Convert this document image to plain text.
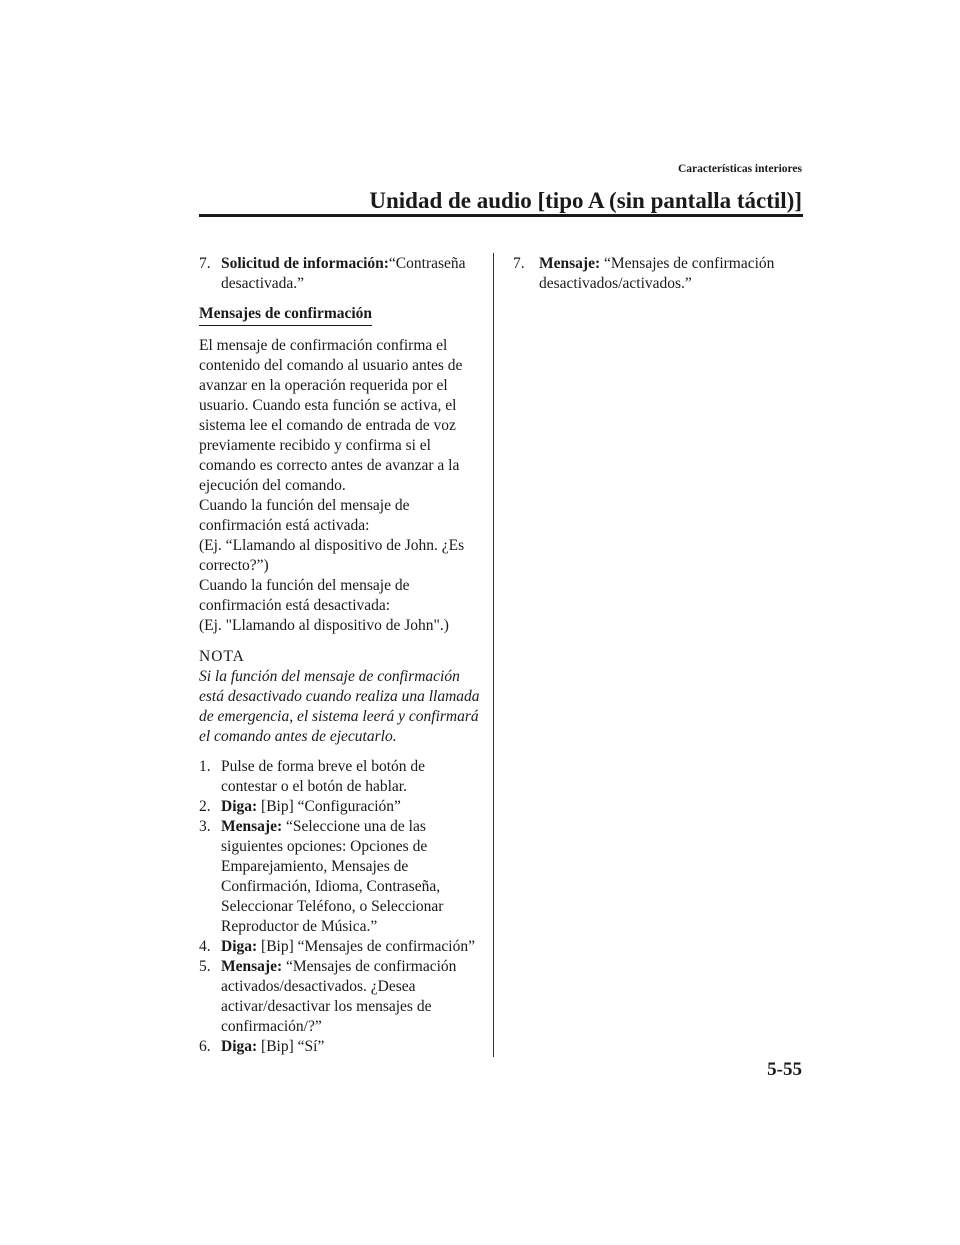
Características interiores
Unidad de audio [tipo A (sin pantalla táctil)]
7. Solicitud de información:“Contraseña desactivada.”
Mensajes de confirmación
El mensaje de confirmación confirma el contenido del comando al usuario antes de avanzar en la operación requerida por el usuario. Cuando esta función se activa, el sistema lee el comando de entrada de voz previamente recibido y confirma si el comando es correcto antes de avanzar a la ejecución del comando.
Cuando la función del mensaje de confirmación está activada:
(Ej. “Llamando al dispositivo de John. ¿Es correcto?”)
Cuando la función del mensaje de confirmación está desactivada:
(Ej. "Llamando al dispositivo de John".)
NOTA
Si la función del mensaje de confirmación está desactivado cuando realiza una llamada de emergencia, el sistema leerá y confirmará el comando antes de ejecutarlo.
1. Pulse de forma breve el botón de contestar o el botón de hablar.
2. Diga: [Bip] “Configuración”
3. Mensaje: “Seleccione una de las siguientes opciones: Opciones de Emparejamiento, Mensajes de Confirmación, Idioma, Contraseña, Seleccionar Teléfono, o Seleccionar Reproductor de Música.”
4. Diga: [Bip] “Mensajes de confirmación”
5. Mensaje: “Mensajes de confirmación activados/desactivados. ¿Desea activar/desactivar los mensajes de confirmación/?”
6. Diga: [Bip] “Sí”
7. Mensaje: “Mensajes de confirmación desactivados/activados.”
5-55
